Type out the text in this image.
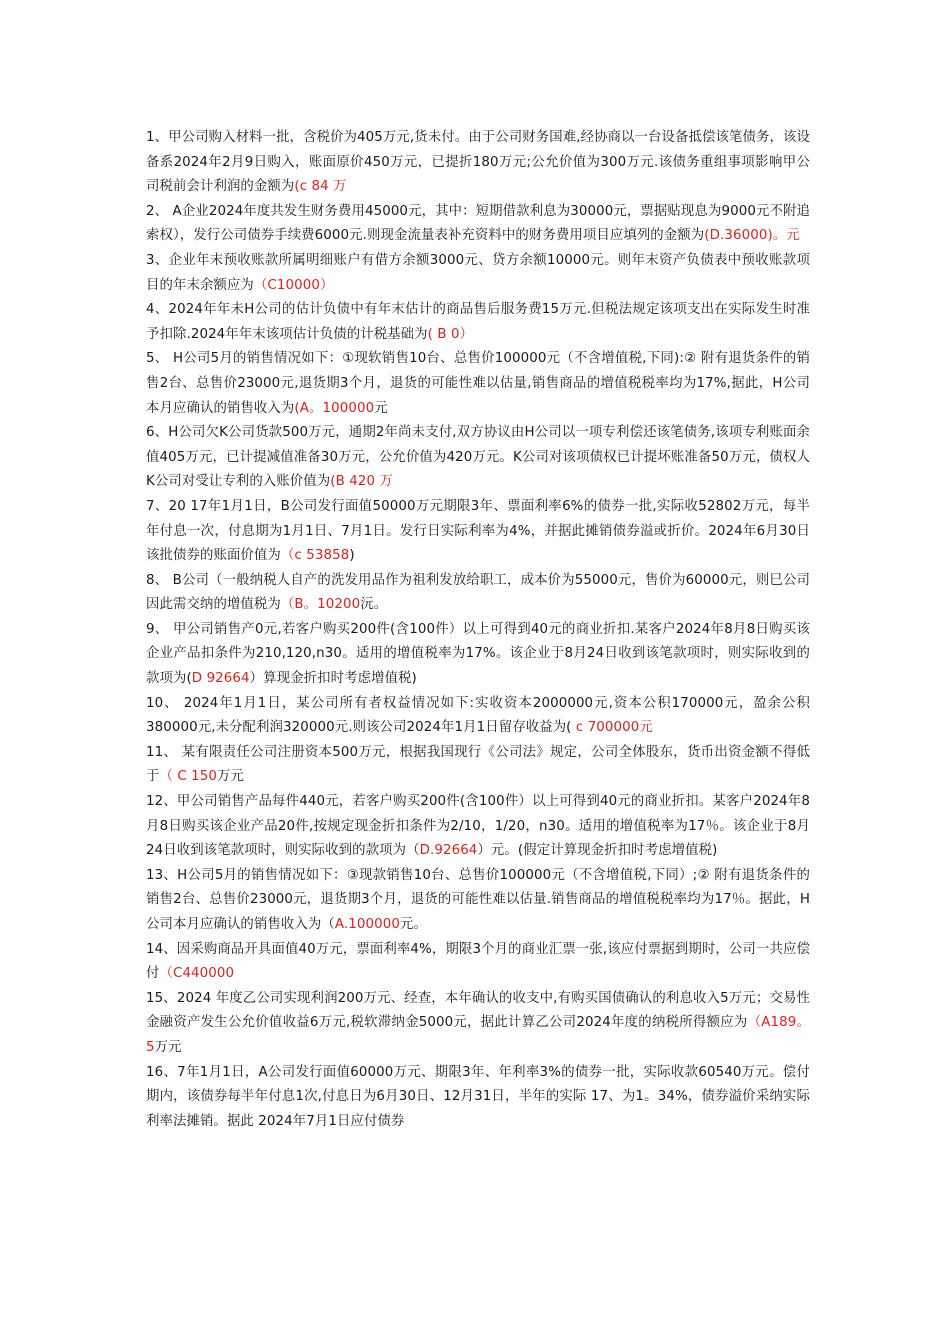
1、甲公司购入材料一批，含税价为405万元,货未付。由于公司财务国难,经协商以一台设备抵偿该笔债务，该设备系2024年2月9日购入，账面原价450万元，已提折180万元;公允价值为300万元.该债务重组事项影响甲公司税前会计利润的金额为(c 84 万

2、 A企业2024年度共发生财务费用45000元，其中：短期借款利息为30000元，票据贴现息为9000元不附追索权），发行公司债券手续费6000元.则现金流量表补充资料中的财务费用项目应填列的金额为(D.36000)。元

3、企业年末预收账款所属明细账户有借方余额3000元、贷方余额10000元。则年末资产负债表中预收账款项目的年末余额应为（C10000）

4、2024年年未H公司的估计负债中有年末估计的商品售后服务费15万元.但税法规定该项支出在实际发生时准予扣除.2024年年末该项估计负债的计税基础为( B 0）

5、 H公司5月的销售情况如下：①现软销售10台、总售价100000元（不含增值税,下同):② 附有退货条件的销售2台、总售价23000元,退货期3个月，退货的可能性难以估量,销售商品的增值税税率均为17%,据此，H公司本月应确认的销售收入为(A。100000元

6、H公司欠K公司货款500万元，通期2年尚未支付,双方协议由H公司以一项专利偿还该笔债务,该项专利账面余值405万元，已计提减值准备30万元，公允价值为420万元。K公司对该项债权已计提坏账准备50万元，债权人K公司对受让专利的入账价值为(B 420 万

7、20 17年1月1日，B公司发行面值50000万元期限3年、票面利率6%的债券一批,实际收52802万元，每半年付息一次，付息期为1月1日、7月1日。发行日实际利率为4%，并据此摊销债券溢或折价。2024年6月30日该批债券的账面价值为（c 53858)

8、 B公司（一般纳税人自产的洗发用品作为祖利发放给职工，成本价为55000元，售价为60000元，则巳公司因此需交纳的增值税为（B。10200沅。

9、 甲公司销售产0元,若客户购买200件(含100件）以上可得到40元的商业折扣.某客户2024年8月8日购买该企业产品扣条件为210,120,n30。适用的增值税率为17%。该企业于8月24日收到该笔款项时，则实际收到的款项为(D 92664）算现金折扣时考虑增值税)

10、 2024年1月1日，某公司所有者权益情况如下:实收资本2000000元,资本公积170000元，盈余公积380000元,未分配利润320000元.则该公司2024年1月1日留存收益为( c 700000元

11、 某有限责任公司注册资本500万元，根据我国现行《公司法》规定，公司全体股东，货币出资金额不得低于（ C 150万元

12、甲公司销售产品每件440元，若客户购买200件(含100件）以上可得到40元的商业折扣。某客户2024年8月8日购买该企业产品20件,按规定现金折扣条件为2/10，1/20，n30。适用的增值税率为17％。该企业于8月24日收到该笔款项时，则实际收到的款项为（D.92664）元。(假定计算现金折扣时考虑增值税)

13、H公司5月的销售情况如下：③现款销售10台、总售价100000元（不含增值税,下同）;② 附有退货条件的销售2台、总售价23000元，退货期3个月，退货的可能性难以估量.销售商品的增值税税率均为17％。据此，H公司本月应确认的销售收入为（A.100000元。

14、因采购商品开具面值40万元，票面利率4%，期限3个月的商业汇票一张,该应付票据到期时，公司一共应偿付（C440000

15、2024 年度乙公司实现利润200万元、经查，本年确认的收支中,有购买国债确认的利息收入5万元；交易性金融资产发生公允价值收益6万元,税软滞纳金5000元，据此计算乙公司2024年度的纳税所得额应为（A189。5万元

16、7年1月1日，A公司发行面值60000万元、期限3年、年利率3%的债券一批，实际收款60540万元。偿付期内，该债券每半年付息1次,付息日为6月30日、12月31日，半年的实际 17、为1。34%，债券溢价采纳实际利率法摊销。据此 2024年7月1日应付债券
